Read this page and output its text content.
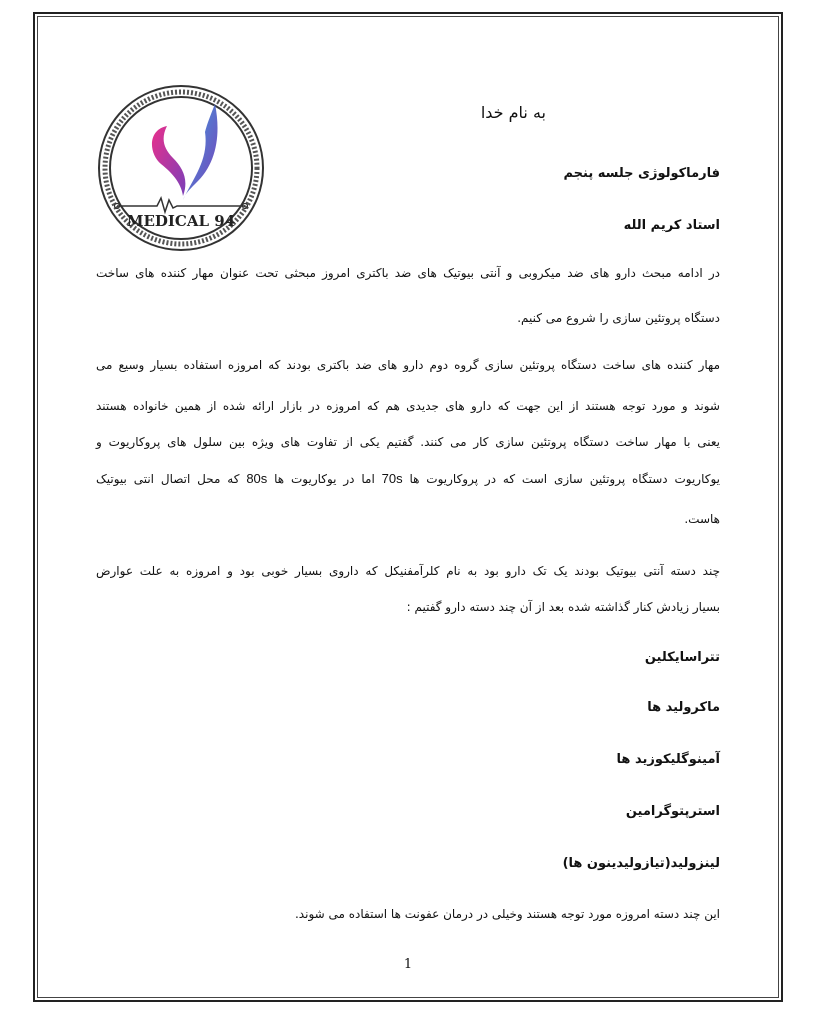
MEDICAL 94
به نام خدا
فارماکولوژی جلسه پنجم
استاد کریم الله
در ادامه مبحث دارو های ضد میکروبی و آنتی بیوتیک های ضد باکتری امروز مبحثی تحت عنوان مهار کننده های ساخت
دستگاه پروتئین سازی را شروع می کنیم.
مهار کننده های ساخت دستگاه پروتئین سازی گروه دوم دارو های ضد باکتری بودند که امروزه استفاده بسیار وسیع می
شوند و مورد توجه هستند از این جهت که دارو های جدیدی هم که امروزه در بازار ارائه شده از همین خانواده هستند
یعنی با مهار ساخت دستگاه پروتئین سازی کار می کنند. گفتیم یکی از تفاوت های ویژه بین سلول های پروکاریوت و
یوکاریوت دستگاه پروتئین سازی است که در پروکاریوت ها 70s اما در یوکاریوت ها 80s که محل اتصال انتی بیوتیک
هاست.
چند دسته آنتی بیوتیک بودند یک تک دارو بود به نام کلرآمفنیکل که داروی بسیار خوبی بود و امروزه به علت عوارض
بسیار زیادش کنار گذاشته شده بعد از آن چند دسته دارو گفتیم :
تتراسایکلین
ماکرولید ها
آمینوگلیکوزید ها
استرپتوگرامین
لینزولید(تیازولیدینون ها)
این چند دسته امروزه مورد توجه هستند وخیلی در درمان عفونت ها استفاده می شوند.
1
